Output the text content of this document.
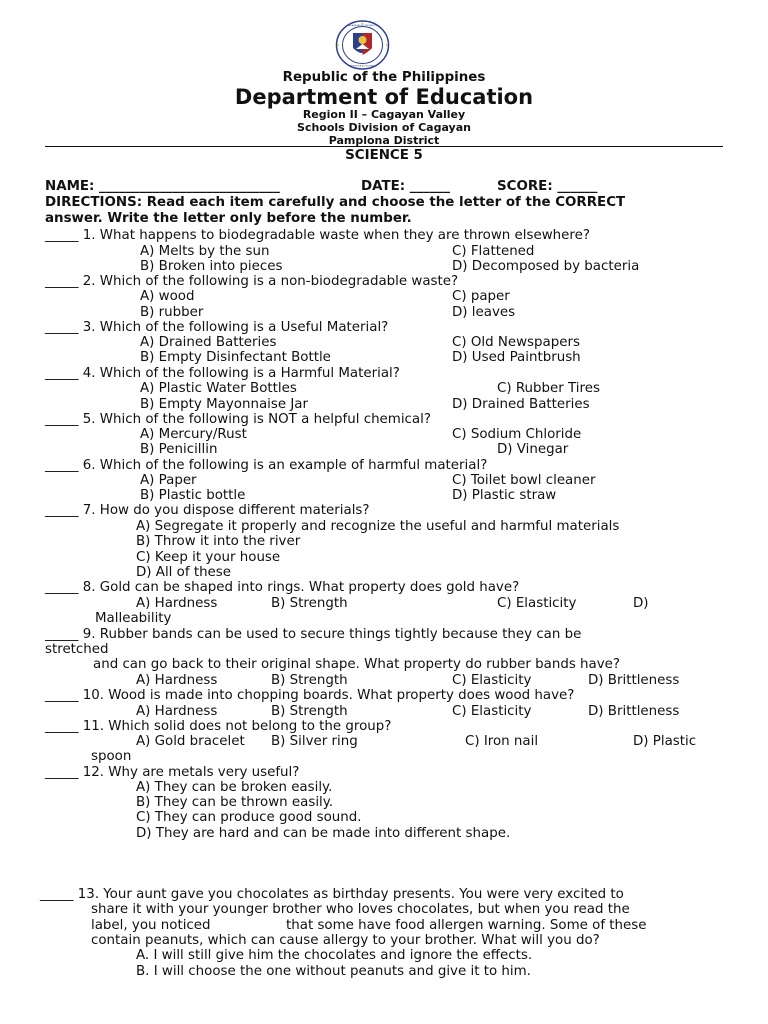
KAGAWARAN NG EDUKASYON
REPUBLIKA NG PILIPINAS
Republic of the Philippines
Department of Education
Region II – Cagayan Valley
Schools Division of Cagayan
Pamplona District
SCIENCE 5
NAME: ___________________________	DATE: ______	SCORE: ______
DIRECTIONS: Read each item carefully and choose the letter of the CORRECT
answer. Write the letter only before the number.
_____ 1. What happens to biodegradable waste when they are thrown elsewhere?
A) Melts by the sun	C) Flattened
B) Broken into pieces	D) Decomposed by bacteria
_____ 2. Which of the following is a non-biodegradable waste?
A) wood	C) paper
B) rubber	D) leaves
_____ 3. Which of the following is a Useful Material?
A) Drained Batteries	C) Old Newspapers
B) Empty Disinfectant Bottle	D) Used Paintbrush
_____ 4. Which of the following is a Harmful Material?
A) Plastic Water Bottles	C) Rubber Tires
B) Empty Mayonnaise Jar	D) Drained Batteries
_____ 5. Which of the following is NOT a helpful chemical?
A) Mercury/Rust	C) Sodium Chloride
B) Penicillin	D) Vinegar
_____ 6. Which of the following is an example of harmful material?
A) Paper	C) Toilet bowl cleaner
B) Plastic bottle	D) Plastic straw
_____ 7. How do you dispose different materials?
A) Segregate it properly and recognize the useful and harmful materials
B) Throw it into the river
C) Keep it your house
D) All of these
_____ 8. Gold can be shaped into rings. What property does gold have?
A) Hardness	B) Strength	C) Elasticity	D)
Malleability
_____ 9. Rubber bands can be used to secure things tightly because they can be
stretched
and can go back to their original shape. What property do rubber bands have?
A) Hardness	B) Strength	C) Elasticity	D) Brittleness
_____ 10. Wood is made into chopping boards. What property does wood have?
A) Hardness	B) Strength	C) Elasticity	D) Brittleness
_____ 11. Which solid does not belong to the group?
A) Gold bracelet B) Silver ring	C) Iron nail	D) Plastic
spoon
_____ 12. Why are metals very useful?
A) They can be broken easily.
B) They can be thrown easily.
C) They can produce good sound.
D) They are hard and can be made into different shape.
_____ 13. Your aunt gave you chocolates as birthday presents. You were very excited to
share it with your younger brother who loves chocolates, but when you read the
label, you noticed	that some have food allergen warning. Some of these
contain peanuts, which can cause allergy to your brother. What will you do?
A. I will still give him the chocolates and ignore the effects.
B. I will choose the one without peanuts and give it to him.
